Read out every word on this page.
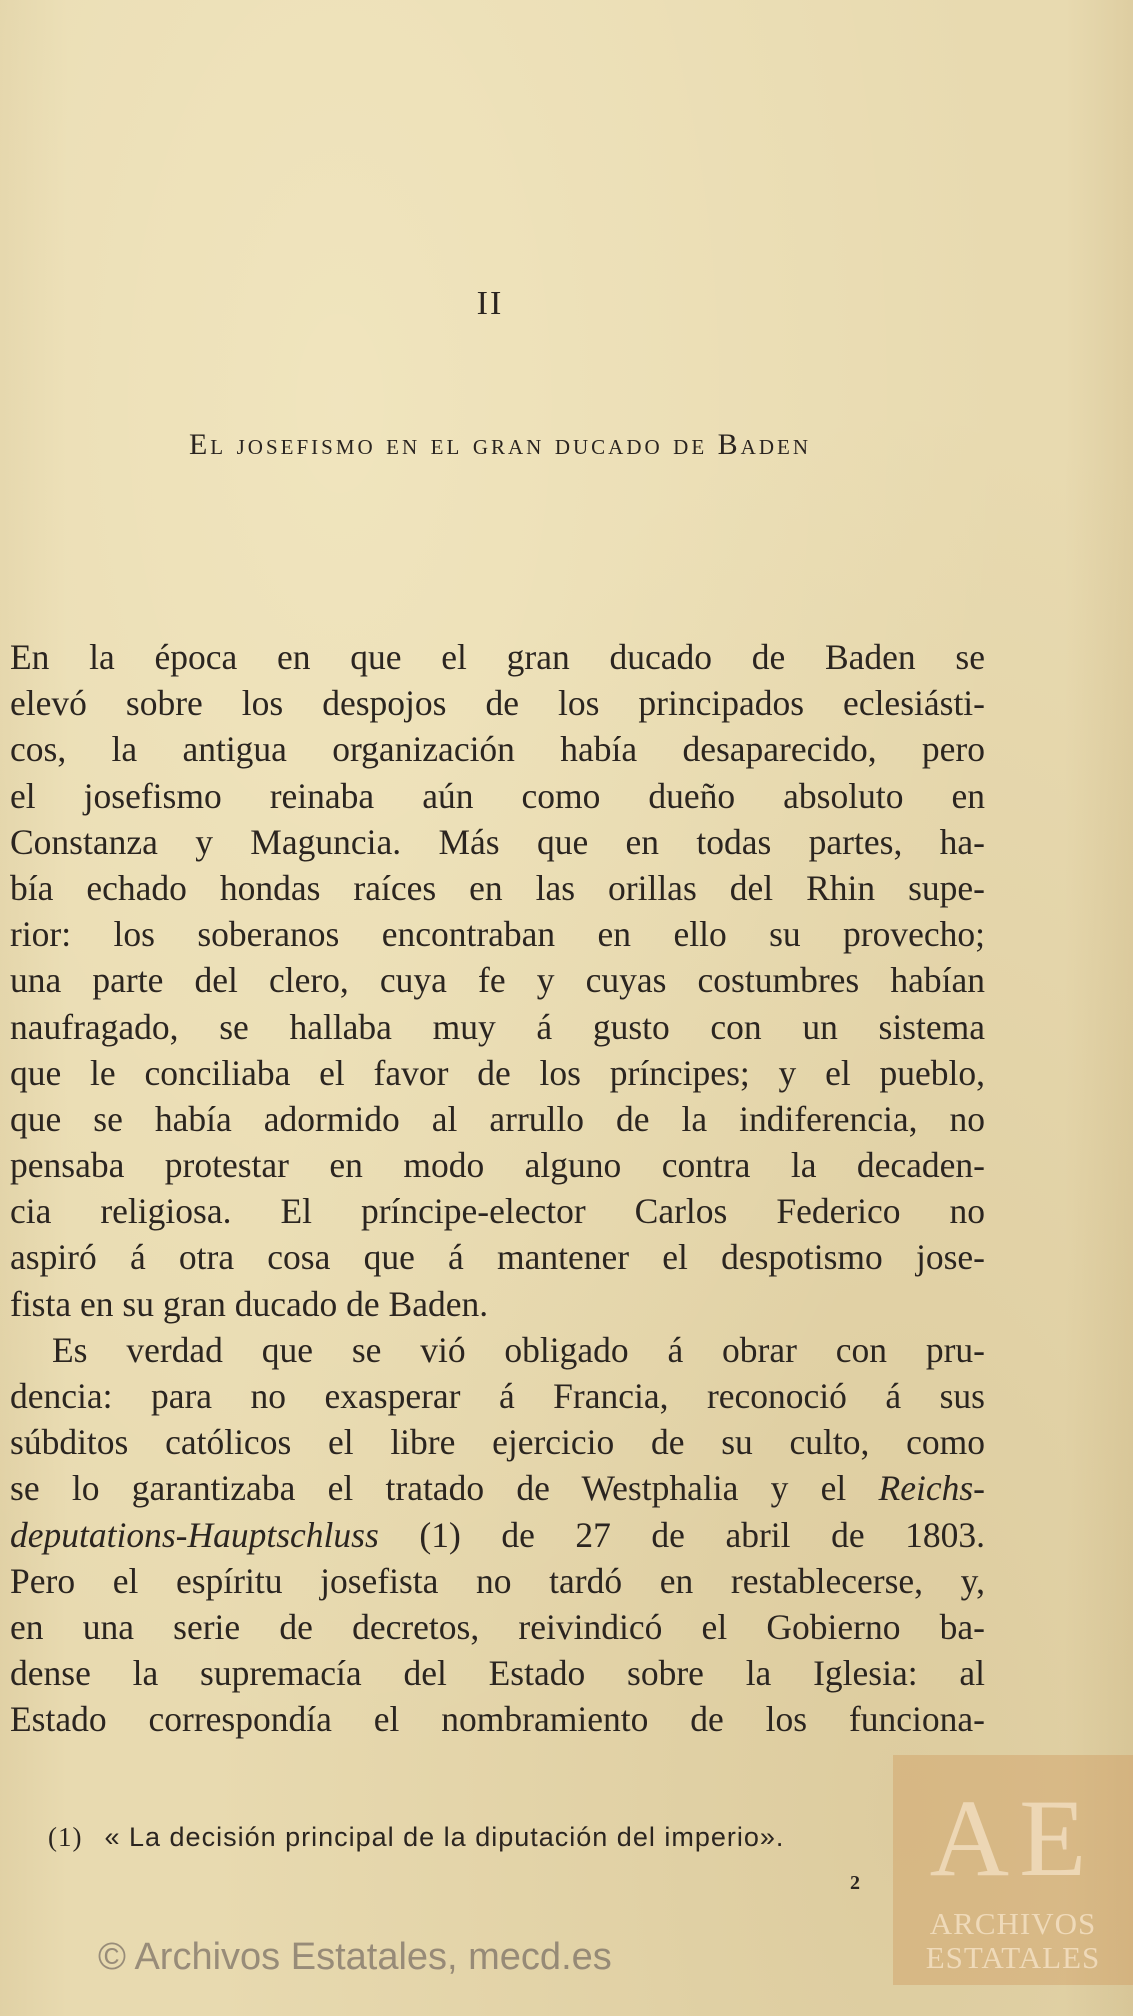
II
El josefismo en el gran ducado de Baden
En la época en que el gran ducado de Baden se
elevó sobre los despojos de los principados eclesiásti-
cos, la antigua organización había desaparecido, pero
el josefismo reinaba aún como dueño absoluto en
Constanza y Maguncia. Más que en todas partes, ha-
bía echado hondas raíces en las orillas del Rhin supe-
rior: los soberanos encontraban en ello su provecho;
una parte del clero, cuya fe y cuyas costumbres habían
naufragado, se hallaba muy á gusto con un sistema
que le conciliaba el favor de los príncipes; y el pueblo,
que se había adormido al arrullo de la indiferencia, no
pensaba protestar en modo alguno contra la decaden-
cia religiosa. El príncipe-elector Carlos Federico no
aspiró á otra cosa que á mantener el despotismo jose-
fista en su gran ducado de Baden.
Es verdad que se vió obligado á obrar con pru-
dencia: para no exasperar á Francia, reconoció á sus
súbditos católicos el libre ejercicio de su culto, como
se lo garantizaba el tratado de Westphalia y el Reichs-
deputations-Hauptschluss (1) de 27 de abril de 1803.
Pero el espíritu josefista no tardó en restablecerse, y,
en una serie de decretos, reivindicó el Gobierno ba-
dense la supremacía del Estado sobre la Iglesia: al
Estado correspondía el nombramiento de los funciona-
(1) « La decisión principal de la diputación del imperio».
2
© Archivos Estatales, mecd.es
AE
ARCHIVOS
ESTATALES
